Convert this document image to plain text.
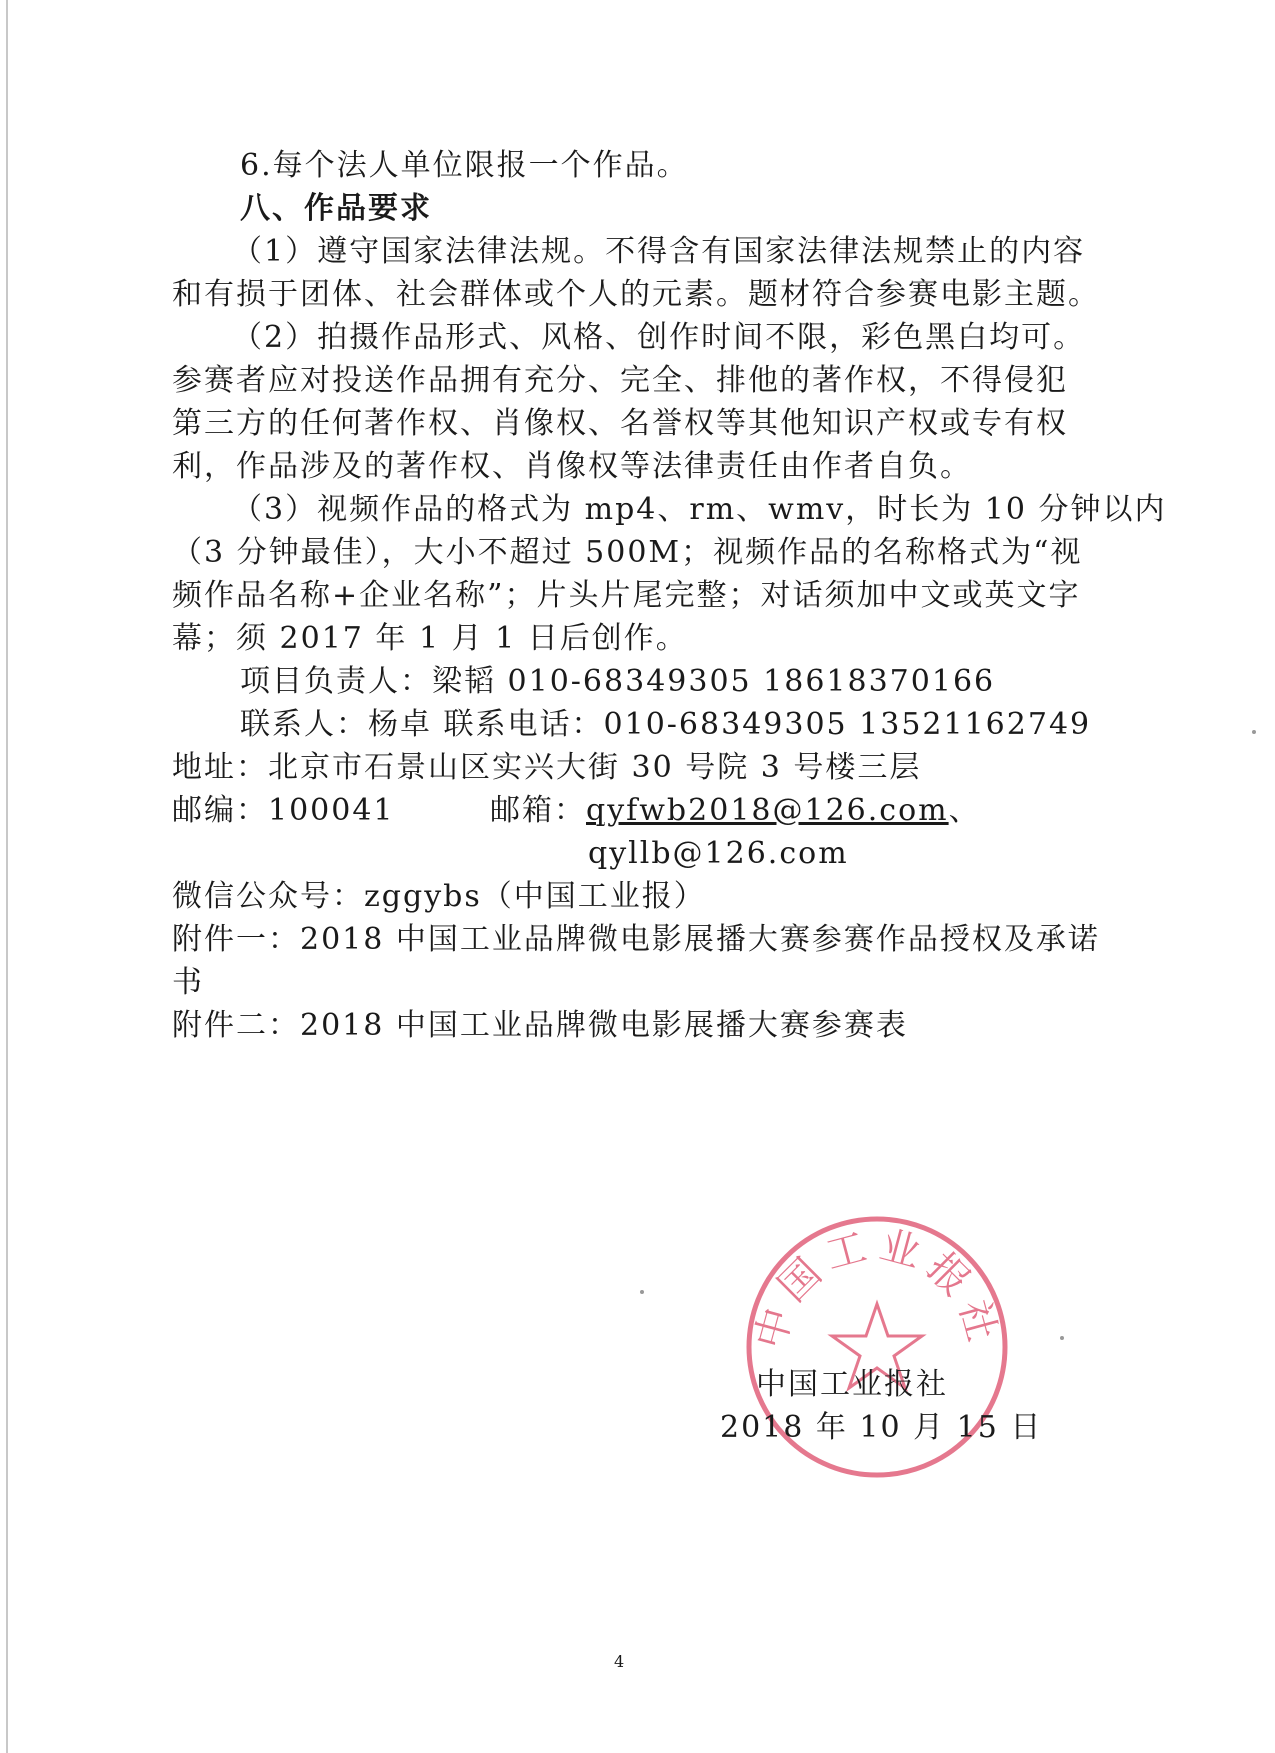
6.每个法人单位限报一个作品。
八、作品要求
（1）遵守国家法律法规。不得含有国家法律法规禁止的内容
和有损于团体、社会群体或个人的元素。题材符合参赛电影主题。
（2）拍摄作品形式、风格、创作时间不限，彩色黑白均可。
参赛者应对投送作品拥有充分、完全、排他的著作权，不得侵犯
第三方的任何著作权、肖像权、名誉权等其他知识产权或专有权
利，作品涉及的著作权、肖像权等法律责任由作者自负。
（3）视频作品的格式为 mp4、rm、wmv，时长为 10 分钟以内
（3 分钟最佳），大小不超过 500M；视频作品的名称格式为“视
频作品名称+企业名称”；片头片尾完整；对话须加中文或英文字
幕；须 2017 年 1 月 1 日后创作。
项目负责人：梁韬 010-68349305 18618370166
联系人：杨卓 联系电话：010-68349305 13521162749
地址：北京市石景山区实兴大街 30 号院 3 号楼三层
邮编：100041	邮箱：qyfwb2018@126.com、
qyllb@126.com
微信公众号：zggybs（中国工业报）
附件一：2018 中国工业品牌微电影展播大赛参赛作品授权及承诺
书
附件二：2018 中国工业品牌微电影展播大赛参赛表
中国工业报社
中国工业报社
2018 年 10 月 15 日
4
